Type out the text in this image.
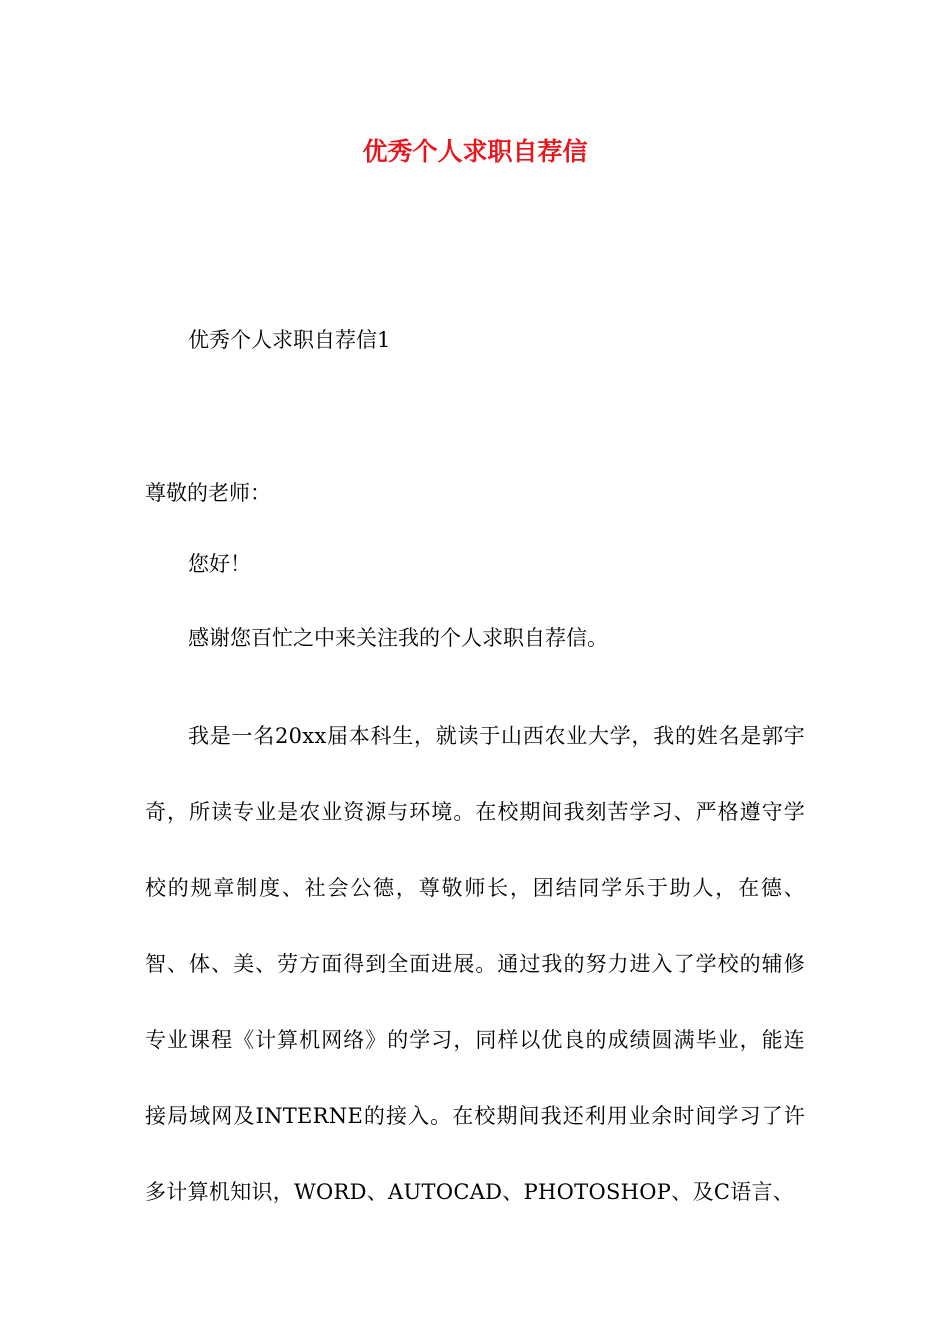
优秀个人求职自荐信
优秀个人求职自荐信1
尊敬的老师：
您好！
感谢您百忙之中来关注我的个人求职自荐信。
我是一名20xx届本科生，就读于山西农业大学，我的姓名是郭宇奇，所读专业是农业资源与环境。在校期间我刻苦学习、严格遵守学校的规章制度、社会公德，尊敬师长，团结同学乐于助人，在德、智、体、美、劳方面得到全面进展。通过我的努力进入了学校的辅修专业课程《计算机网络》的学习，同样以优良的成绩圆满毕业，能连接局域网及INTERNE的接入。在校期间我还利用业余时间学习了许多计算机知识，WORD、AUTOCAD、PHOTOSHOP、及C语言、
